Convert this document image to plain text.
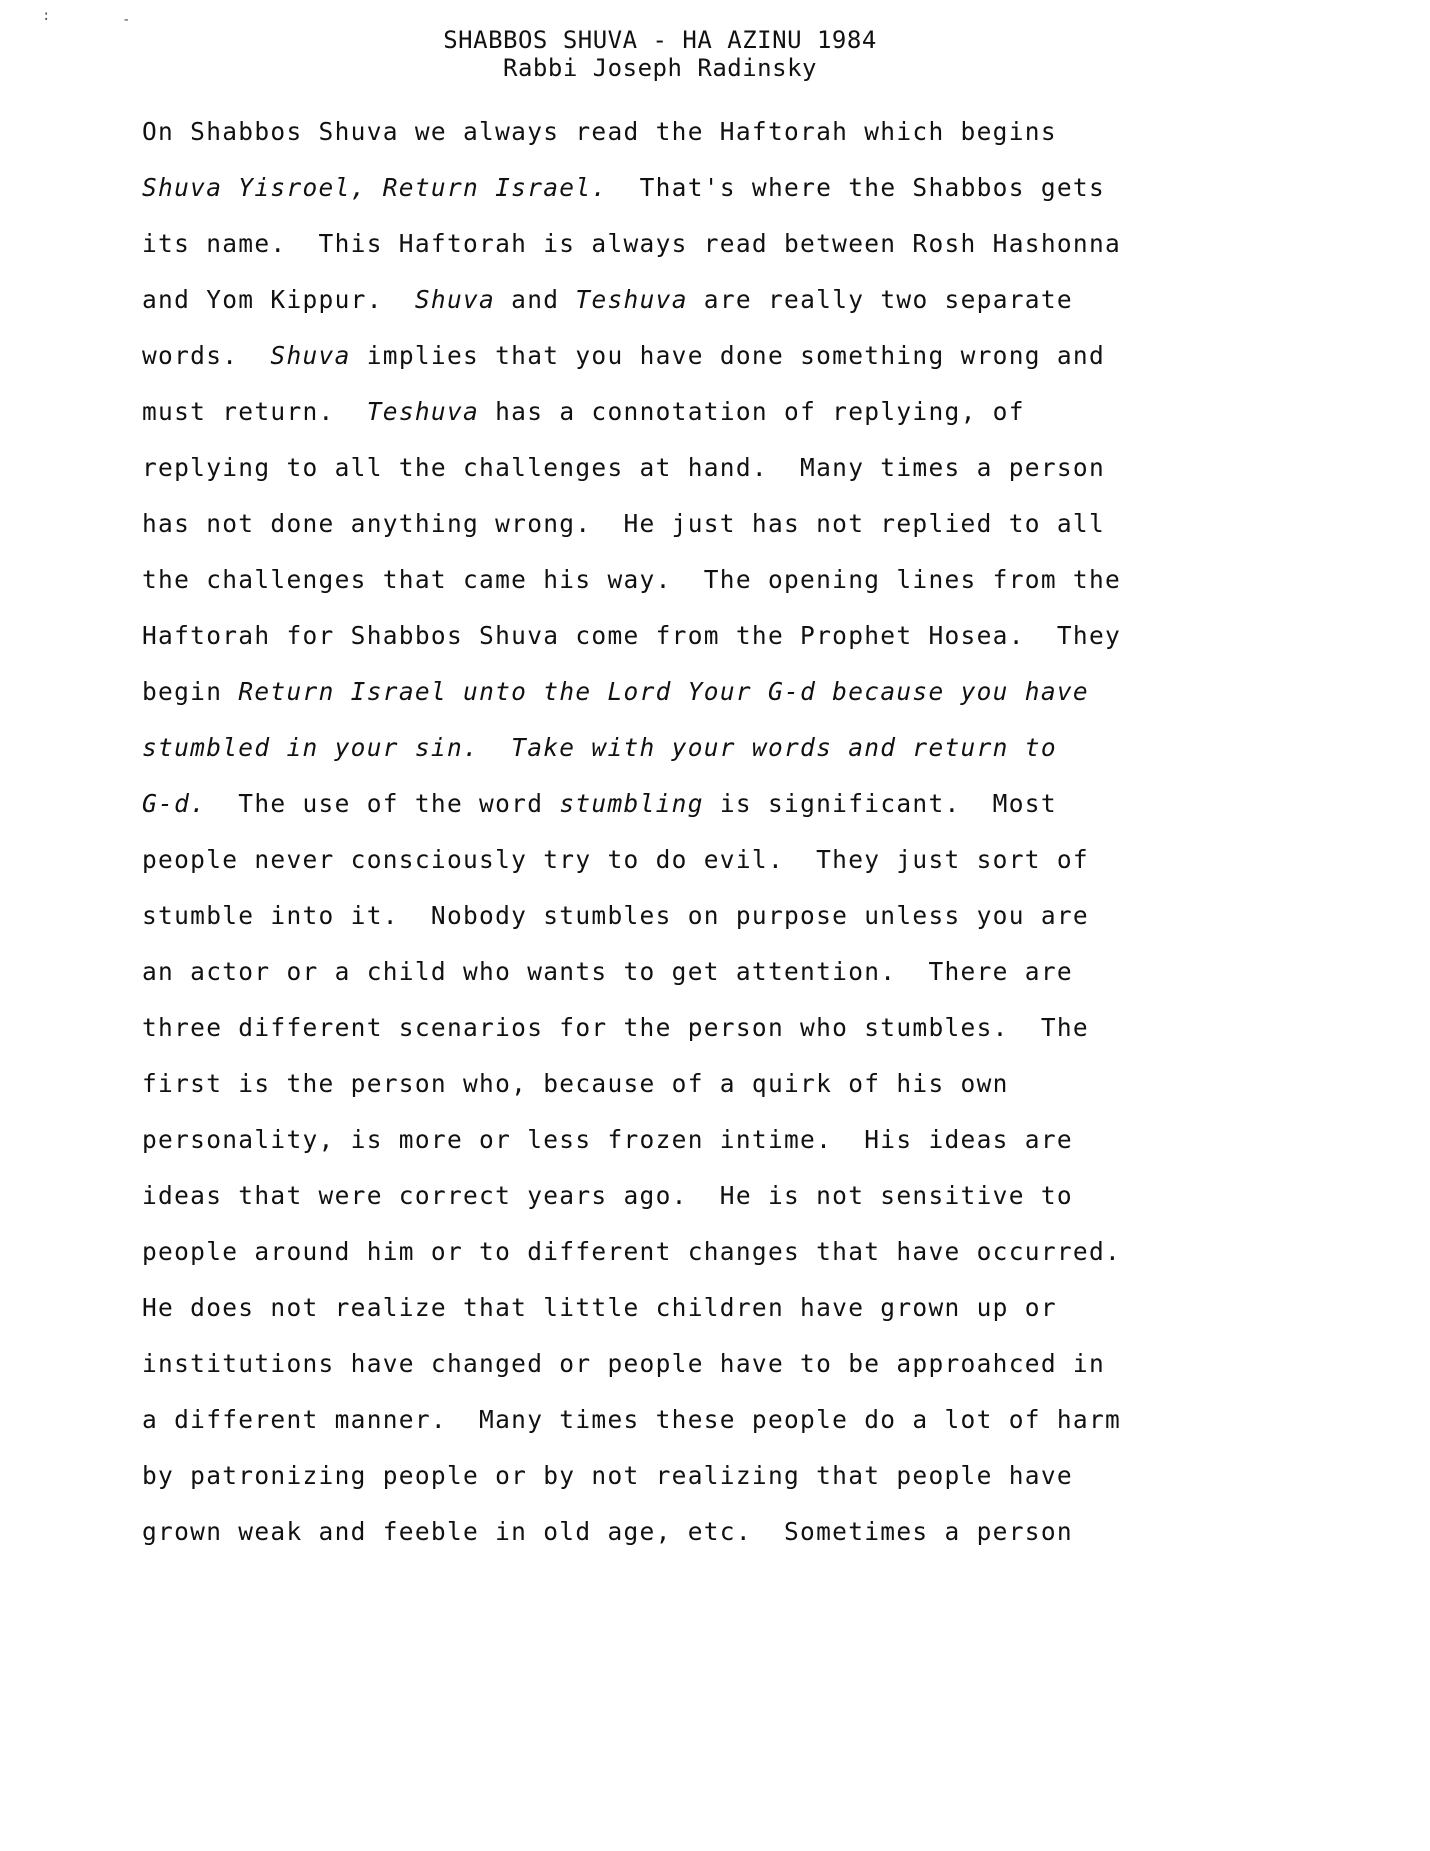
:	-
SHABBOS SHUVA - HA AZINU 1984
Rabbi Joseph Radinsky
On Shabbos Shuva we always read the Haftorah which begins
Shuva Yisroel, Return Israel.  That's where the Shabbos gets
its name.  This Haftorah is always read between Rosh Hashonna
and Yom Kippur.  Shuva and Teshuva are really two separate
words.  Shuva implies that you have done something wrong and
must return.  Teshuva has a connotation of replying, of
replying to all the challenges at hand.  Many times a person
has not done anything wrong.  He just has not replied to all
the challenges that came his way.  The opening lines from the
Haftorah for Shabbos Shuva come from the Prophet Hosea.  They
begin Return Israel unto the Lord Your G-d because you have
stumbled in your sin.  Take with your words and return to
G-d.  The use of the word stumbling is significant.  Most
people never consciously try to do evil.  They just sort of
stumble into it.  Nobody stumbles on purpose unless you are
an actor or a child who wants to get attention.  There are
three different scenarios for the person who stumbles.  The
first is the person who, because of a quirk of his own
personality, is more or less frozen intime.  His ideas are
ideas that were correct years ago.  He is not sensitive to
people around him or to different changes that have occurred.
He does not realize that little children have grown up or
institutions have changed or people have to be approahced in
a different manner.  Many times these people do a lot of harm
by patronizing people or by not realizing that people have
grown weak and feeble in old age, etc.  Sometimes a person
